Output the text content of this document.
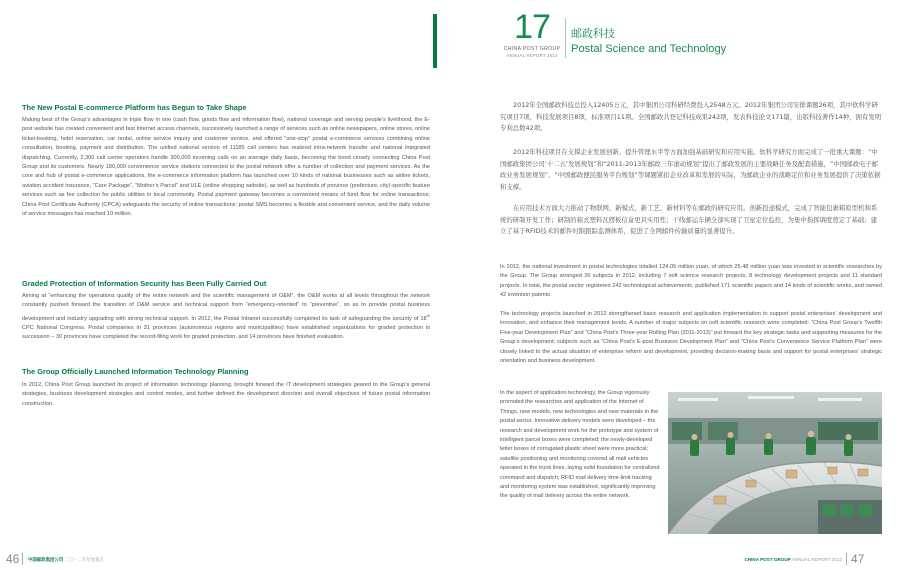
The New Postal E-commerce Platform has Begun to Take Shape
Making best of the Group’s advantages in triple flow in one (cash flow, goods flow and information flow), national coverage and serving people’s livelihood, the E-post website has created convenient and fast Internet access channels, successively launched a range of services such as online newspapers, online stores, online ticket-booking, hotel reservation, car rental, online service inquiry and customer service, and offered “one-stop” postal e-commerce services combining online consultation, booking, payment and distribution. The unified national version of 11185 call centers has realized intra-network transfer and national integrated dispatching. Currently, 2,300 call center operators handle 300,000 incoming calls on an average daily basis, becoming the bond closely connecting China Post Group and its customers. Nearly 180,000 convenience service stations connected to the postal network offer a number of collection and payment services. As the core and hub of postal e-commerce applications, the e-commerce information platform has launched over 10 kinds of national businesses such as airline tickets, aviation accident insurance, “Care Package”, “Mother’s Parcel” and ULE (online shopping website), as well as hundreds of province (prefecture, city)-specific feature services such as fee collection for public utilities in local community. Postal payment gateway becomes a convenient means of fund flow for online transactions; China Post Certificate Authority (CPCA) safeguards the security of online transactions; postal SMS becomes a flexible and convenient service, and the daily volume of service messages has reached 10 million.
Graded Protection of Information Security has Been Fully Carried Out
Aiming at “enhancing the operations quality of the entire network and the scientific management of O&M”, the O&M works at all levels throughout the network constantly pushed forward the transition of O&M service and technical support from “emergency-oriented” to “preventive”, so as to provide postal business development and industry upgrading with strong technical support. In 2012, the Postal Intranet successfully completed its task of safeguarding the security of 18th CPC National Congress. Postal companies in 31 provinces (autonomous regions and municipalities) have established organizations for graded protection in succession – 30 provinces have completed the record-filing work for graded protection, and 14 provinces have finished evaluation.
The Group Officially Launched Information Technology Planning
In 2012, China Post Group launched its project of information technology planning, brought forward the IT development strategies geared to the Group’s general strategies, business development strategies and control modes, and further defined the development direction and overall objectives of future postal information construction.
17
CHINA POST GROUP
ANNUAL REPORT 2012
邮政科技
Postal Science and Technology
2012年全国邮政科技总投入12405万元，其中集团公司科研经费投入2548万元。2012年集团公司安排课题26项，其中软科学研究项目7项，科技发展项目8项，标准项目11项。全国邮政共登记科技成果242项，发表科技论文171篇，出版科技著作14种，拥有发明专利总数42项。
2012年科技项目在支撑企业发展创新、提升管理水平等方面加强基础研究和应用实施。软科学研究方面完成了一批重大课题：“中国邮政集团公司‘十二五’发展规划”和“2011-2013年邮政三年滚动规划”提出了邮政发展的主要战略任务及配套措施，“中国邮政电子邮政业务发展规划”、“中国邮政便民服务平台规划”等课题紧扣企业改革和发展的实际，为邮政企业的战略定位和业务发展提供了决策依据和支撑。
在应用技术方面大力推动了物联网、新模式、新工艺、新材料等在邮政的研究应用。创新投递模式，完成了智能包裹箱原型机和系统的研制开发工作；研制的箱式塑料瓦楞板信盒更具实用性；干线邮运车辆全部实现了卫星定位监控，为集中指挥调度奠定了基础；建立了基于RFID技术的邮件时限跟踪监测体系，促进了全网邮件传输质量的显著提升。
In 2012, the national investment in postal technologies totalled 124.05 million yuan, of which 25.48 million yuan was invested in scientific researches by the Group. The Group arranged 26 subjects in 2012, including 7 soft science research projects, 8 technology development projects and 11 standard projects. In total, the postal sector registered 242 technological achievements, published 171 scientific papers and 14 kinds of scientific works, and owned 42 invention patents.
The technology projects launched in 2012 strengthened basic research and application implementation to support postal enterprises’ development and innovation, and enhance their management levels. A number of major subjects on soft scientific research were completed: “China Post Group’s Twelfth Five-year Development Plan” and “China Post’s Three-year Rolling Plan (2011-2013)” put forward the key strategic tasks and supporting measures for the Group’s development; subjects such as “China Post’s E-post Business Development Plan” and “China Post’s Convenience Service Platform Plan” were closely linked to the actual situation of enterprise reform and development, providing decision-making basis and support for postal enterprises’ strategic orientation and business development.
In the aspect of application technology, the Group vigorously promoted the researches and application of the Internet of Things, new models, new technologies and new materials in the postal sector. Innovative delivery models were developed – the research and development work for the prototype and system of intelligent parcel boxes were completed; the newly-developed letter boxes of corrugated plastic sheet were more practical; satellite positioning and monitoring covered all mail vehicles operated in the trunk lines, laying solid foundation for centralized command and dispatch; RFID mail delivery time-limit tracking and monitoring system was established, significantly improving the quality of mail delivery across the entire network.
46 中国邮政集团公司 二〇一二年年度报告	CHINA POST GROUP ANNUAL REPORT 2012 47
